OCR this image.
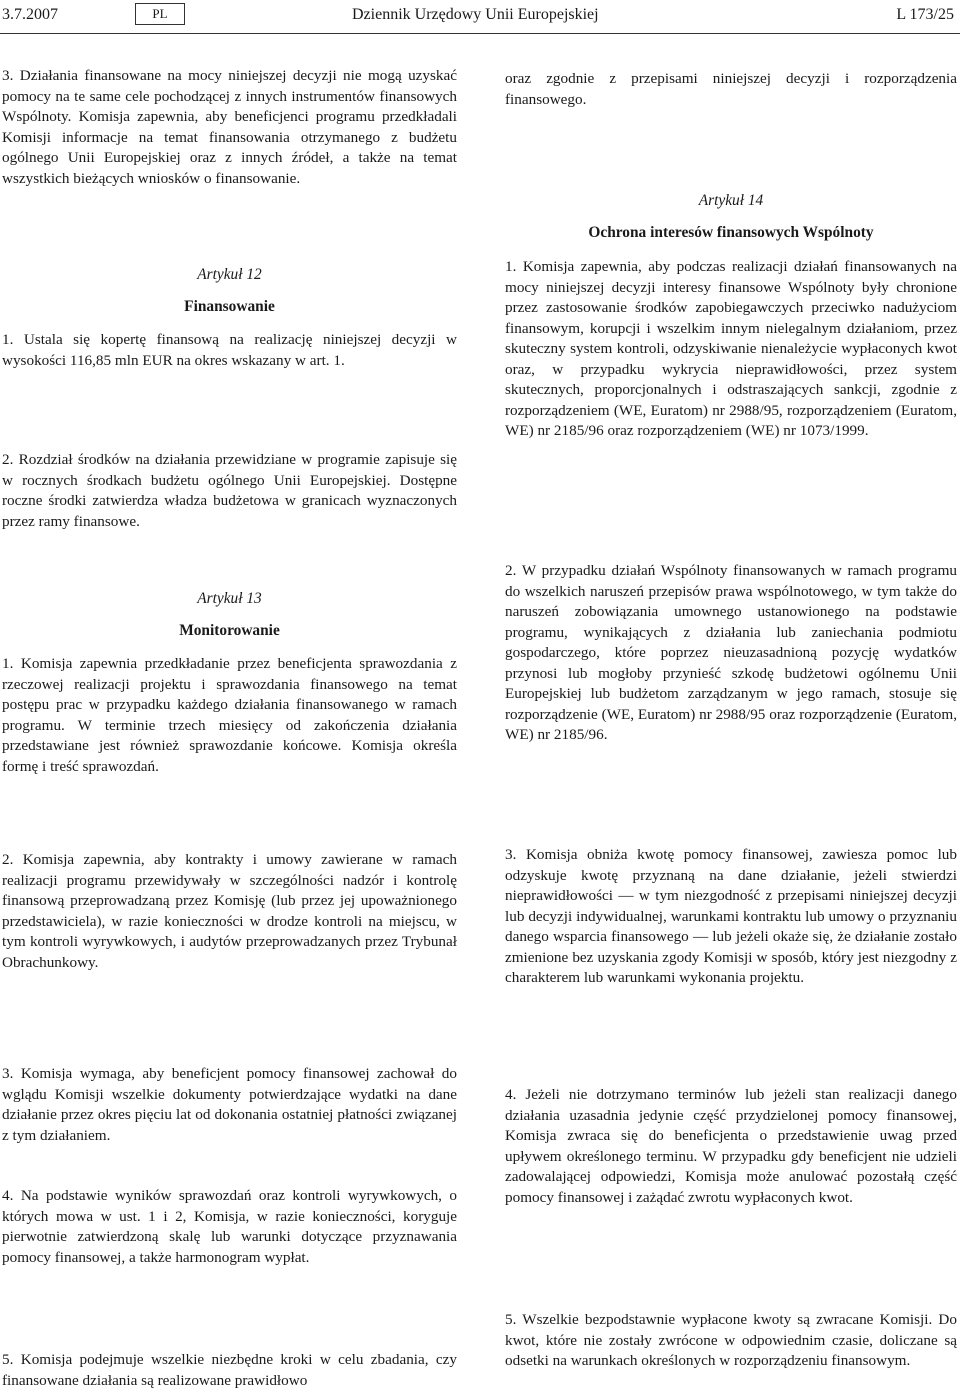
3.7.2007	PL	Dziennik Urzędowy Unii Europejskiej	L 173/25
3. Działania finansowane na mocy niniejszej decyzji nie mogą uzyskać pomocy na te same cele pochodzącej z innych instrumentów finansowych Wspólnoty. Komisja zapewnia, aby beneficjenci programu przedkładali Komisji informacje na temat finansowania otrzymanego z budżetu ogólnego Unii Europejskiej oraz z innych źródeł, a także na temat wszystkich bieżących wniosków o finansowanie.
Artykuł 12
Finansowanie
1. Ustala się kopertę finansową na realizację niniejszej decyzji w wysokości 116,85 mln EUR na okres wskazany w art. 1.
2. Rozdział środków na działania przewidziane w programie zapisuje się w rocznych środkach budżetu ogólnego Unii Europejskiej. Dostępne roczne środki zatwierdza władza budżetowa w granicach wyznaczonych przez ramy finansowe.
Artykuł 13
Monitorowanie
1. Komisja zapewnia przedkładanie przez beneficjenta sprawozdania z rzeczowej realizacji projektu i sprawozdania finansowego na temat postępu prac w przypadku każdego działania finansowanego w ramach programu. W terminie trzech miesięcy od zakończenia działania przedstawiane jest również sprawozdanie końcowe. Komisja określa formę i treść sprawozdań.
2. Komisja zapewnia, aby kontrakty i umowy zawierane w ramach realizacji programu przewidywały w szczególności nadzór i kontrolę finansową przeprowadzaną przez Komisję (lub przez jej upoważnionego przedstawiciela), w razie konieczności w drodze kontroli na miejscu, w tym kontroli wyrywkowych, i audytów przeprowadzanych przez Trybunał Obrachunkowy.
3. Komisja wymaga, aby beneficjent pomocy finansowej zachował do wglądu Komisji wszelkie dokumenty potwierdzające wydatki na dane działanie przez okres pięciu lat od dokonania ostatniej płatności związanej z tym działaniem.
4. Na podstawie wyników sprawozdań oraz kontroli wyrywkowych, o których mowa w ust. 1 i 2, Komisja, w razie konieczności, koryguje pierwotnie zatwierdzoną skalę lub warunki dotyczące przyznawania pomocy finansowej, a także harmonogram wypłat.
5. Komisja podejmuje wszelkie niezbędne kroki w celu zbadania, czy finansowane działania są realizowane prawidłowo
oraz zgodnie z przepisami niniejszej decyzji i rozporządzenia finansowego.
Artykuł 14
Ochrona interesów finansowych Wspólnoty
1. Komisja zapewnia, aby podczas realizacji działań finansowanych na mocy niniejszej decyzji interesy finansowe Wspólnoty były chronione przez zastosowanie środków zapobiegawczych przeciwko nadużyciom finansowym, korupcji i wszelkim innym nielegalnym działaniom, przez skuteczny system kontroli, odzyskiwanie nienależycie wypłaconych kwot oraz, w przypadku wykrycia nieprawidłowości, przez system skutecznych, proporcjonalnych i odstraszających sankcji, zgodnie z rozporządzeniem (WE, Euratom) nr 2988/95, rozporządzeniem (Euratom, WE) nr 2185/96 oraz rozporządzeniem (WE) nr 1073/1999.
2. W przypadku działań Wspólnoty finansowanych w ramach programu do wszelkich naruszeń przepisów prawa wspólnotowego, w tym także do naruszeń zobowiązania umownego ustanowionego na podstawie programu, wynikających z działania lub zaniechania podmiotu gospodarczego, które poprzez nieuzasadnioną pozycję wydatków przynosi lub mogłoby przynieść szkodę budżetowi ogólnemu Unii Europejskiej lub budżetom zarządzanym w jego ramach, stosuje się rozporządzenie (WE, Euratom) nr 2988/95 oraz rozporządzenie (Euratom, WE) nr 2185/96.
3. Komisja obniża kwotę pomocy finansowej, zawiesza pomoc lub odzyskuje kwotę przyznaną na dane działanie, jeżeli stwierdzi nieprawidłowości — w tym niezgodność z przepisami niniejszej decyzji lub decyzji indywidualnej, warunkami kontraktu lub umowy o przyznaniu danego wsparcia finansowego — lub jeżeli okaże się, że działanie zostało zmienione bez uzyskania zgody Komisji w sposób, który jest niezgodny z charakterem lub warunkami wykonania projektu.
4. Jeżeli nie dotrzymano terminów lub jeżeli stan realizacji danego działania uzasadnia jedynie część przydzielonej pomocy finansowej, Komisja zwraca się do beneficjenta o przedstawienie uwag przed upływem określonego terminu. W przypadku gdy beneficjent nie udzieli zadowalającej odpowiedzi, Komisja może anulować pozostałą część pomocy finansowej i zażądać zwrotu wypłaconych kwot.
5. Wszelkie bezpodstawnie wypłacone kwoty są zwracane Komisji. Do kwot, które nie zostały zwrócone w odpowiednim czasie, doliczane są odsetki na warunkach określonych w rozporządzeniu finansowym.
